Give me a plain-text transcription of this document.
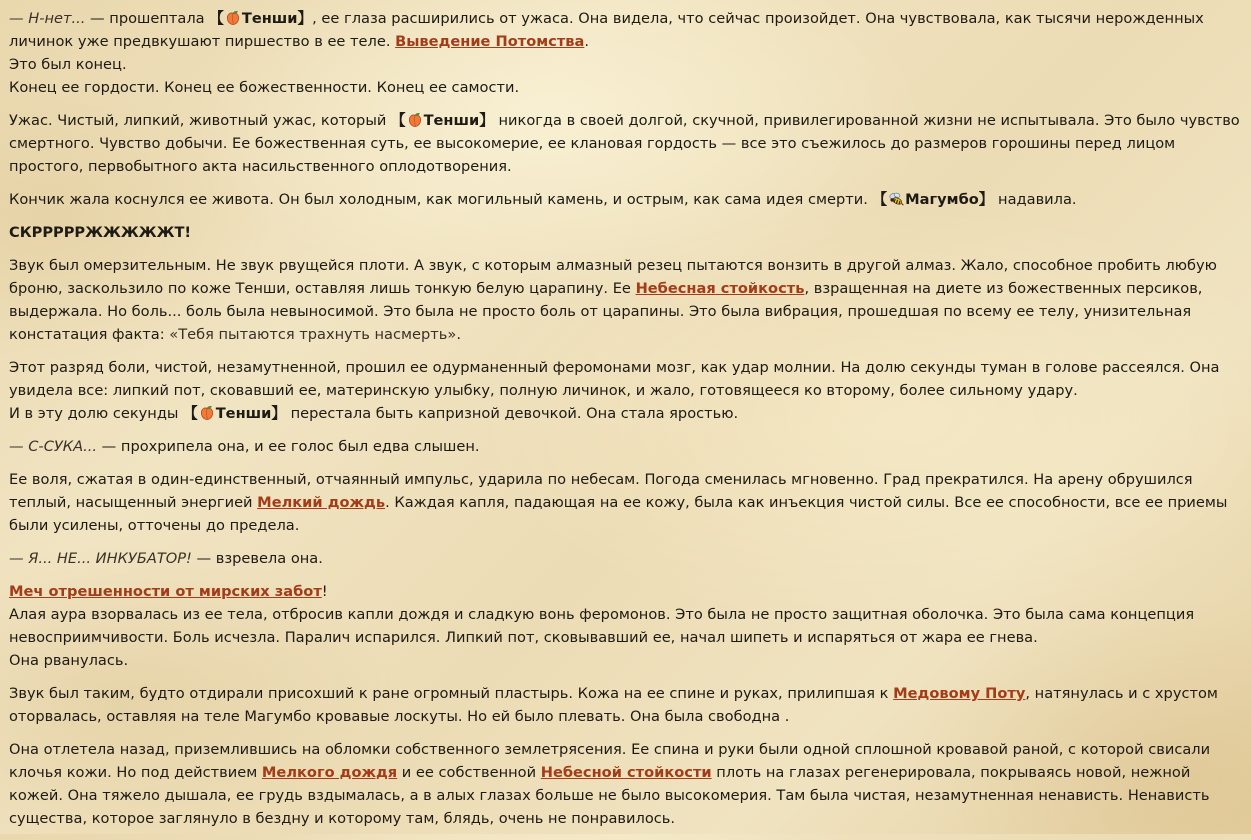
— Н-нет... — прошептала 【 Тенши】, ее глаза расширились от ужаса. Она видела, что сейчас произойдет. Она чувствовала, как тысячи нерожденных личинок уже предвкушают пиршество в ее теле. Выведение Потомства.

Это был конец.

Конец ее гордости. Конец ее божественности. Конец ее самости.

Ужас. Чистый, липкий, животный ужас, который 【 Тенши】 никогда в своей долгой, скучной, привилегированной жизни не испытывала. Это было чувство смертного. Чувство добычи. Ее божественная суть, ее высокомерие, ее клановая гордость — все это съежилось до размеров горошины перед лицом простого, первобытного акта насильственного оплодотворения.

Кончик жала коснулся ее живота. Он был холодным, как могильный камень, и острым, как сама идея смерти. 【 Магумбо】 надавила.

СКРРРРРЖЖЖЖЖТ!

Звук был омерзительным. Не звук рвущейся плоти. А звук, с которым алмазный резец пытаются вонзить в другой алмаз. Жало, способное пробить любую броню, заскользило по коже Тенши, оставляя лишь тонкую белую царапину. Ее Небесная стойкость, взращенная на диете из божественных персиков, выдержала. Но боль... боль была невыносимой. Это была не просто боль от царапины. Это была вибрация, прошедшая по всему ее телу, унизительная констатация факта: «Тебя пытаются трахнуть насмерть».

Этот разряд боли, чистой, незамутненной, прошил ее одурманенный феромонами мозг, как удар молнии. На долю секунды туман в голове рассеялся. Она увидела все: липкий пот, сковавший ее, материнскую улыбку, полную личинок, и жало, готовящееся ко второму, более сильному удару.

И в эту долю секунды 【 Тенши】 перестала быть капризной девочкой. Она стала яростью.

— С-СУКА... — прохрипела она, и ее голос был едва слышен.

Ее воля, сжатая в один-единственный, отчаянный импульс, ударила по небесам. Погода сменилась мгновенно. Град прекратился. На арену обрушился теплый, насыщенный энергией Мелкий дождь. Каждая капля, падающая на ее кожу, была как инъекция чистой силы. Все ее способности, все ее приемы были усилены, отточены до предела.

— Я... НЕ... ИНКУБАТОР! — взревела она.

Меч отрешенности от мирских забот!

Алая аура взорвалась из ее тела, отбросив капли дождя и сладкую вонь феромонов. Это была не просто защитная оболочка. Это была сама концепция невосприимчивости. Боль исчезла. Паралич испарился. Липкий пот, сковывавший ее, начал шипеть и испаряться от жара ее гнева.

Она рванулась.

Звук был таким, будто отдирали присохший к ране огромный пластырь. Кожа на ее спине и руках, прилипшая к Медовому Поту, натянулась и с хрустом оторвалась, оставляя на теле Магумбо кровавые лоскуты. Но ей было плевать. Она была свободна .

Она отлетела назад, приземлившись на обломки собственного землетрясения. Ее спина и руки были одной сплошной кровавой раной, с которой свисали клочья кожи. Но под действием Мелкого дождя и ее собственной Небесной стойкости плоть на глазах регенерировала, покрываясь новой, нежной кожей. Она тяжело дышала, ее грудь вздымалась, а в алых глазах больше не было высокомерия. Там была чистая, незамутненная ненависть. Ненависть существа, которое заглянуло в бездну и которому там, блядь, очень не понравилось.
